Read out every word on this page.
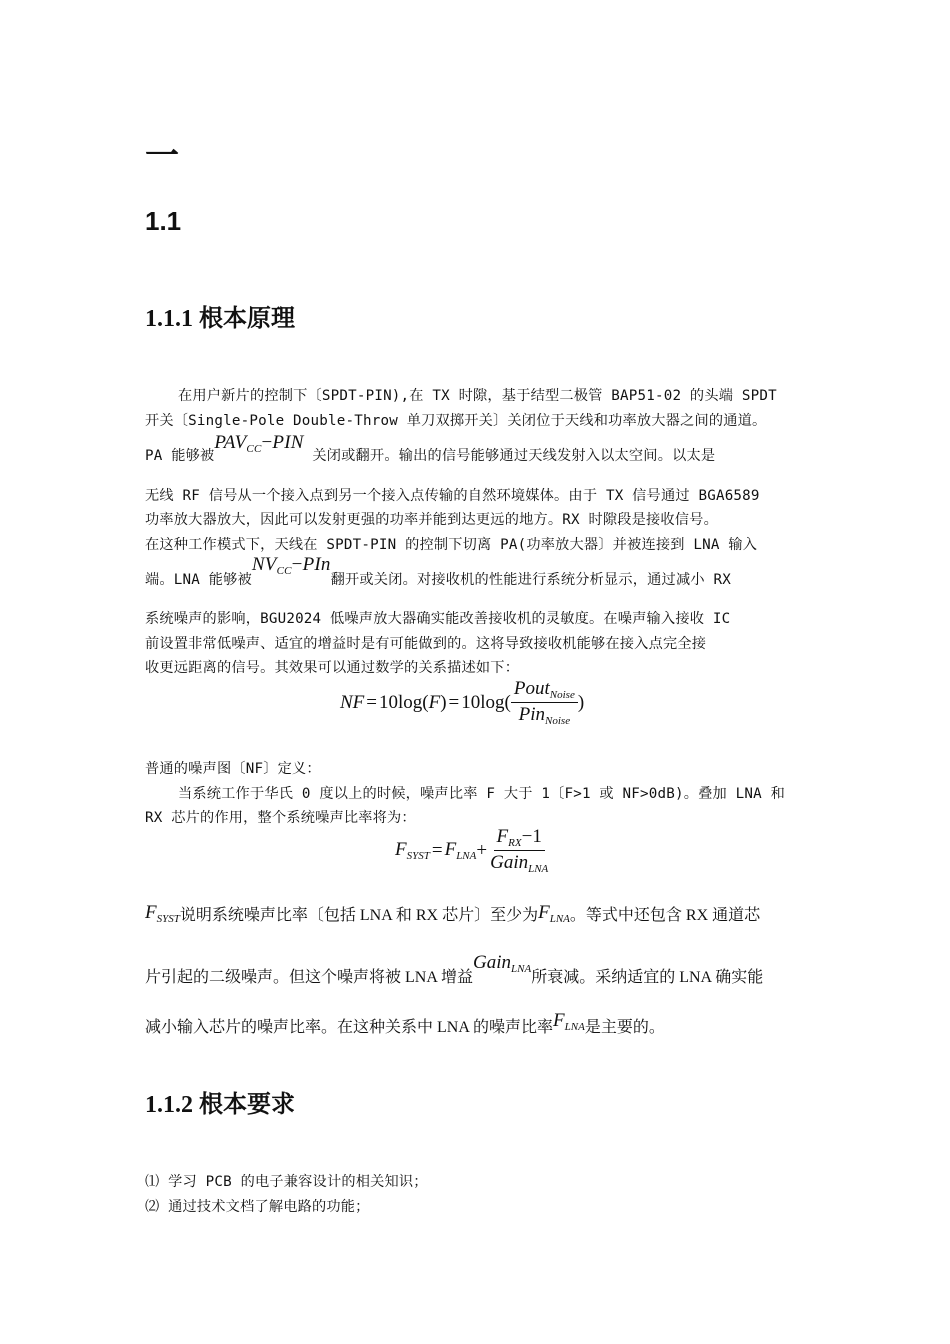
一
1.1
1.1.1 根本原理
在用户新片的控制下〔SPDT-PIN),在 TX 时隙，基于结型二极管 BAP51-02 的头端 SPDT
开关〔Single-Pole Double-Throw 单刀双掷开关〕关闭位于天线和功率放大器之间的通道。
PA 能够被$PAV_{CC}-PIN$ 关闭或翻开。输出的信号能够通过天线发射入以太空间。以太是
无线 RF 信号从一个接入点到另一个接入点传输的自然环境媒体。由于 TX 信号通过 BGA6589
功率放大器放大，因此可以发射更强的功率并能到达更远的地方。RX 时隙段是接收信号。
在这种工作模式下，天线在 SPDT-PIN 的控制下切离 PA(功率放大器〕并被连接到 LNA 输入
端。LNA 能够被$NV_{CC}-PIn$翻开或关闭。对接收机的性能进行系统分析显示，通过减小 RX
系统噪声的影响，BGU2024 低噪声放大器确实能改善接收机的灵敏度。在噪声输入接收 IC
前设置非常低噪声、适宜的增益时是有可能做到的。这将导致接收机能够在接入点完全接
收更远距离的信号。其效果可以通过数学的关系描述如下：
NF = 10 log ( F ) = 10 log ( $\frac{Pout_{Noise}}{Pin_{Noise}}$ )
普通的噪声图〔NF〕定义：
当系统工作于华氏 0 度以上的时候，噪声比率 F 大于 1〔F>1 或 NF>0dB)。叠加 LNA 和
RX 芯片的作用，整个系统噪声比率将为：
$F_{SYST} = F_{LNA} + \frac{F_{RX}-1}{Gain_{LNA}}$
$F_{SYST}$说明系统噪声比率〔包括 LNA 和 RX 芯片〕至少为$F_{LNA}$。等式中还包含 RX 通道芯
片引起的二级噪声。但这个噪声将被 LNA 增益Gain$_{LNA}$所衰减。采纳适宜的 LNA 确实能
减小输入芯片的噪声比率。在这种关系中 LNA 的噪声比率$F_{LNA}$是主要的。
1.1.2 根本要求
⑴ 学习 PCB 的电子兼容设计的相关知识；
⑵ 通过技术文档了解电路的功能；
